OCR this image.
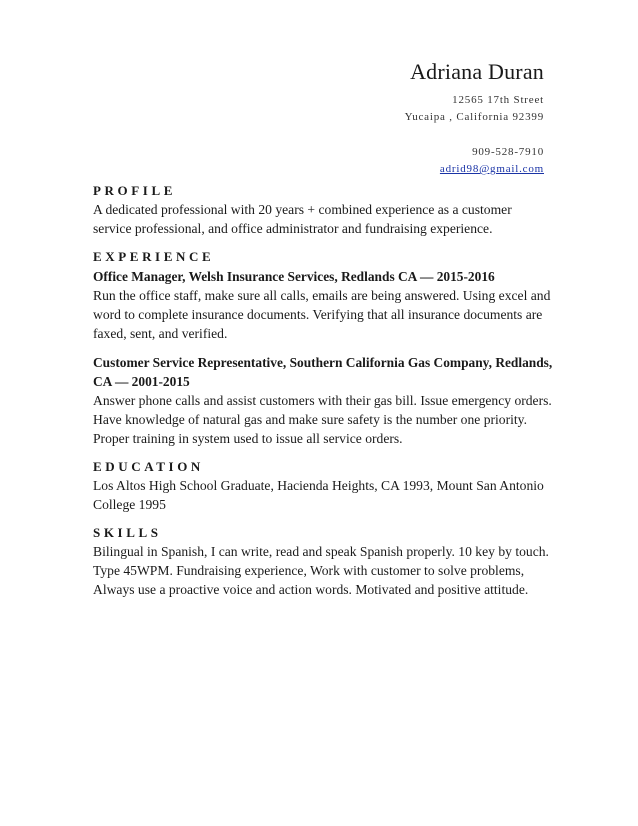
Adriana Duran
12565 17th Street
Yucaipa , California 92399
909-528-7910
adrid98@gmail.com
PROFILE
A dedicated professional with 20 years + combined experience as a customer service professional, and office administrator and fundraising experience.
EXPERIENCE
Office Manager, Welsh Insurance Services, Redlands CA — 2015-2016
Run the office staff, make sure all calls, emails are being answered. Using excel and word to complete insurance documents. Verifying that all insurance documents are faxed, sent, and verified.
Customer Service Representative, Southern California Gas Company, Redlands, CA — 2001-2015
Answer phone calls and assist customers with their gas bill. Issue emergency orders. Have knowledge of natural gas and make sure safety is the number one priority. Proper training in system used to issue all service orders.
EDUCATION
Los Altos High School Graduate, Hacienda Heights, CA 1993, Mount San Antonio College 1995
SKILLS
Bilingual in Spanish, I can write, read and speak Spanish properly. 10 key by touch. Type 45WPM. Fundraising experience, Work with customer to solve problems, Always use a proactive voice and action words. Motivated and positive attitude.
